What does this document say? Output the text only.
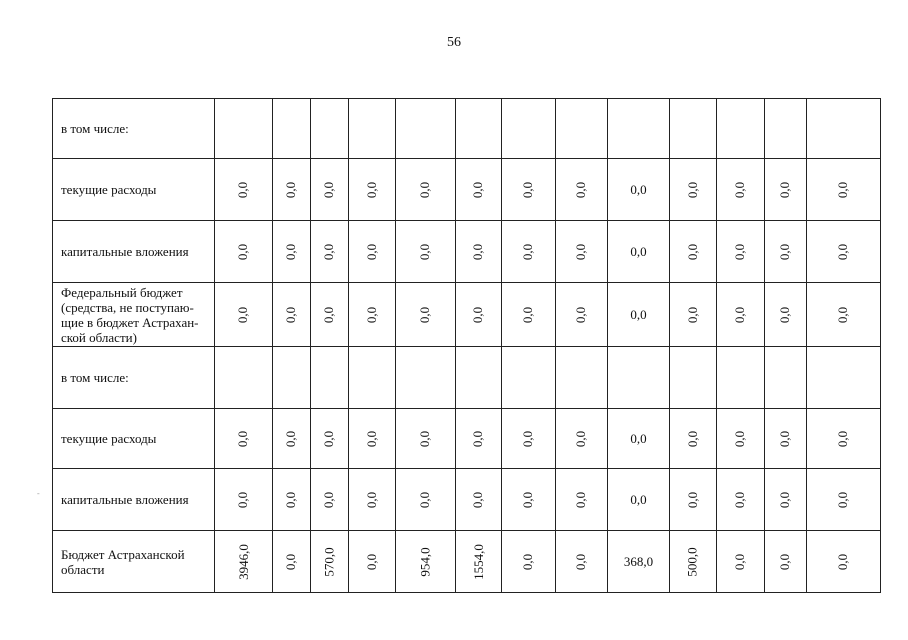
56
в том числе:													
текущие расходы	0,0	0,0	0,0	0,0	0,0	0,0	0,0	0,0	0,0	0,0	0,0	0,0	0,0
капитальные вложения	0,0	0,0	0,0	0,0	0,0	0,0	0,0	0,0	0,0	0,0	0,0	0,0	0,0
Федеральный бюджет (средства, не поступаю-щие в бюджет Астрахан-ской области)	0,0	0,0	0,0	0,0	0,0	0,0	0,0	0,0	0,0	0,0	0,0	0,0	0,0
в том числе:													
текущие расходы	0,0	0,0	0,0	0,0	0,0	0,0	0,0	0,0	0,0	0,0	0,0	0,0	0,0
капитальные вложения	0,0	0,0	0,0	0,0	0,0	0,0	0,0	0,0	0,0	0,0	0,0	0,0	0,0
Бюджет Астраханской области	3946,0	0,0	570,0	0,0	954,0	1554,0	0,0	0,0	368,0	500,0	0,0	0,0	0,0
-
